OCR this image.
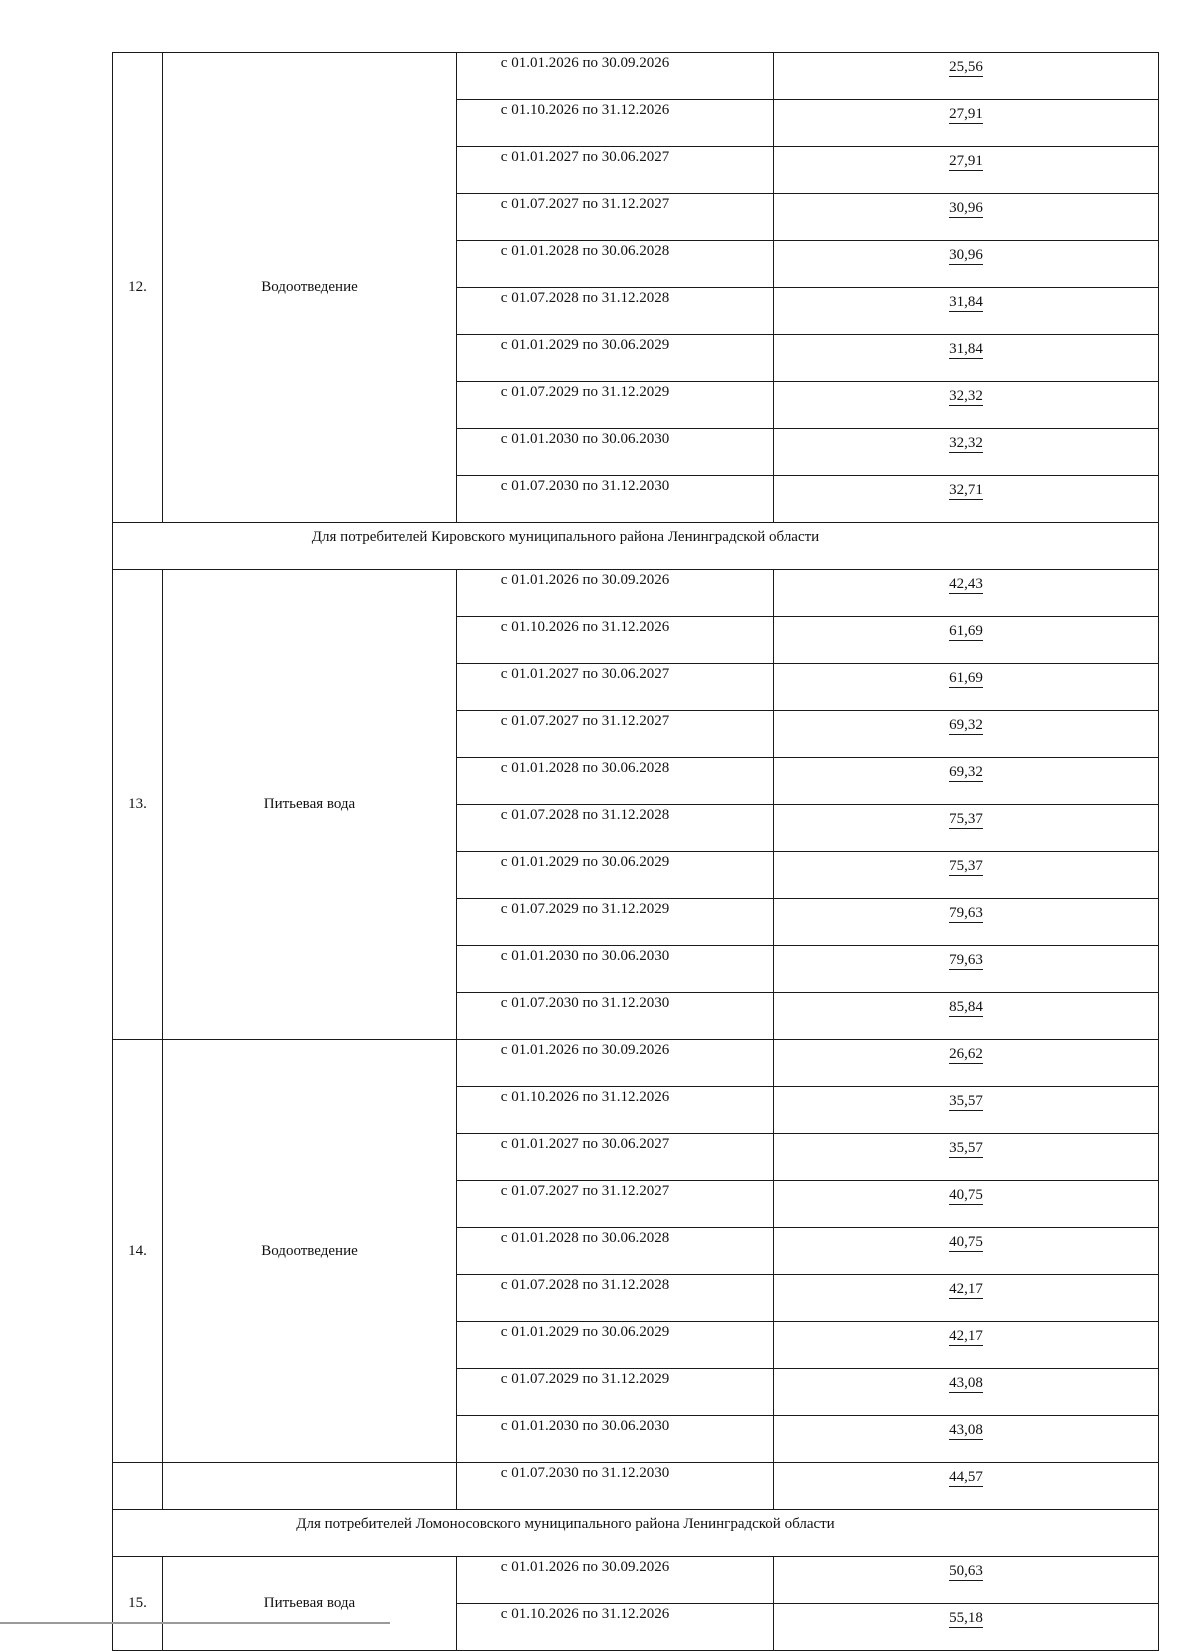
12.	Водоотведение	с 01.01.2026 по 30.09.2026	25,56
		с 01.10.2026 по 31.12.2026	27,91
		с 01.01.2027 по 30.06.2027	27,91
		с 01.07.2027 по 31.12.2027	30,96
		с 01.01.2028 по 30.06.2028	30,96
		с 01.07.2028 по 31.12.2028	31,84
		с 01.01.2029 по 30.06.2029	31,84
		с 01.07.2029 по 31.12.2029	32,32
		с 01.01.2030 по 30.06.2030	32,32
		с 01.07.2030 по 31.12.2030	32,71
Для потребителей Кировского муниципального района Ленинградской области			
13.	Питьевая вода	с 01.01.2026 по 30.09.2026	42,43
		с 01.10.2026 по 31.12.2026	61,69
		с 01.01.2027 по 30.06.2027	61,69
		с 01.07.2027 по 31.12.2027	69,32
		с 01.01.2028 по 30.06.2028	69,32
		с 01.07.2028 по 31.12.2028	75,37
		с 01.01.2029 по 30.06.2029	75,37
		с 01.07.2029 по 31.12.2029	79,63
		с 01.01.2030 по 30.06.2030	79,63
		с 01.07.2030 по 31.12.2030	85,84
14.	Водоотведение	с 01.01.2026 по 30.09.2026	26,62
		с 01.10.2026 по 31.12.2026	35,57
		с 01.01.2027 по 30.06.2027	35,57
		с 01.07.2027 по 31.12.2027	40,75
		с 01.01.2028 по 30.06.2028	40,75
		с 01.07.2028 по 31.12.2028	42,17
		с 01.01.2029 по 30.06.2029	42,17
		с 01.07.2029 по 31.12.2029	43,08
		с 01.01.2030 по 30.06.2030	43,08
		с 01.07.2030 по 31.12.2030	44,57
Для потребителей Ломоносовского муниципального района Ленинградской области			
15.	Питьевая вода	с 01.01.2026 по 30.09.2026	50,63
		с 01.10.2026 по 31.12.2026	55,18
